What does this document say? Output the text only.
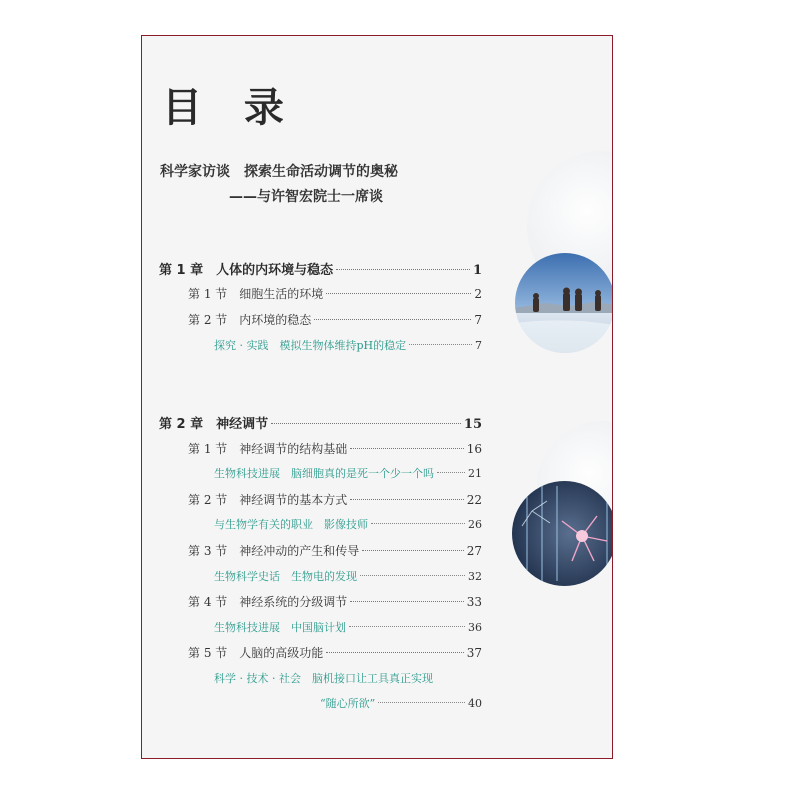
目 录
科学家访谈　探索生命活动调节的奥秘
——与许智宏院士一席谈
第 1 章　人体的内环境与稳态	1
第 1 节　细胞生活的环境	2
第 2 节　内环境的稳态	7
探究 · 实践　模拟生物体维持pH的稳定	7
第 2 章　神经调节	15
第 1 节　神经调节的结构基础	16
生物科技进展　脑细胞真的是死一个少一个吗	21
第 2 节　神经调节的基本方式	22
与生物学有关的职业　影像技师	26
第 3 节　神经冲动的产生和传导	27
生物科学史话　生物电的发现	32
第 4 节　神经系统的分级调节	33
生物科技进展　中国脑计划	36
第 5 节　人脑的高级功能	37
科学 · 技术 · 社会　脑机接口让工具真正实现
“随心所欲”	40
